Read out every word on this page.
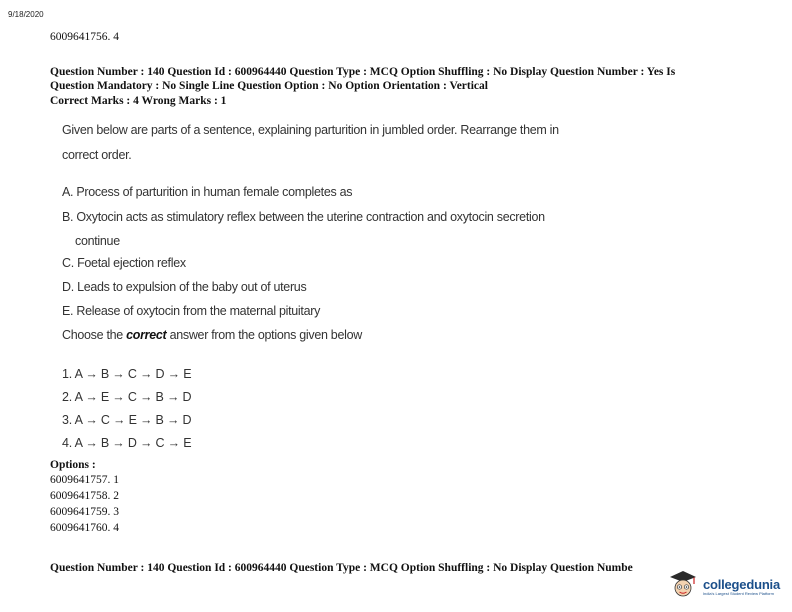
9/18/2020
6009641756. 4
Question Number : 140 Question Id : 600964440 Question Type : MCQ Option Shuffling : No Display Question Number : Yes Is
Question Mandatory : No Single Line Question Option : No Option Orientation : Vertical
Correct Marks : 4 Wrong Marks : 1
Given below are parts of a sentence, explaining parturition in jumbled order. Rearrange them in
correct order.
A. Process of parturition in human female completes as
B. Oxytocin acts as stimulatory reflex between the uterine contraction and oxytocin secretion
continue
C. Foetal ejection reflex
D. Leads to expulsion of the baby out of uterus
E. Release of oxytocin from the maternal pituitary
Choose the correct answer from the options given below
1. A → B → C → D → E
2. A → E → C → B → D
3. A → C → E → B → D
4. A → B → D → C → E
Options :
6009641757. 1
6009641758. 2
6009641759. 3
6009641760. 4
Question Number : 140 Question Id : 600964440 Question Type : MCQ Option Shuffling : No Display Question Numbe
collegedunia
India's Largest Student Review Platform
